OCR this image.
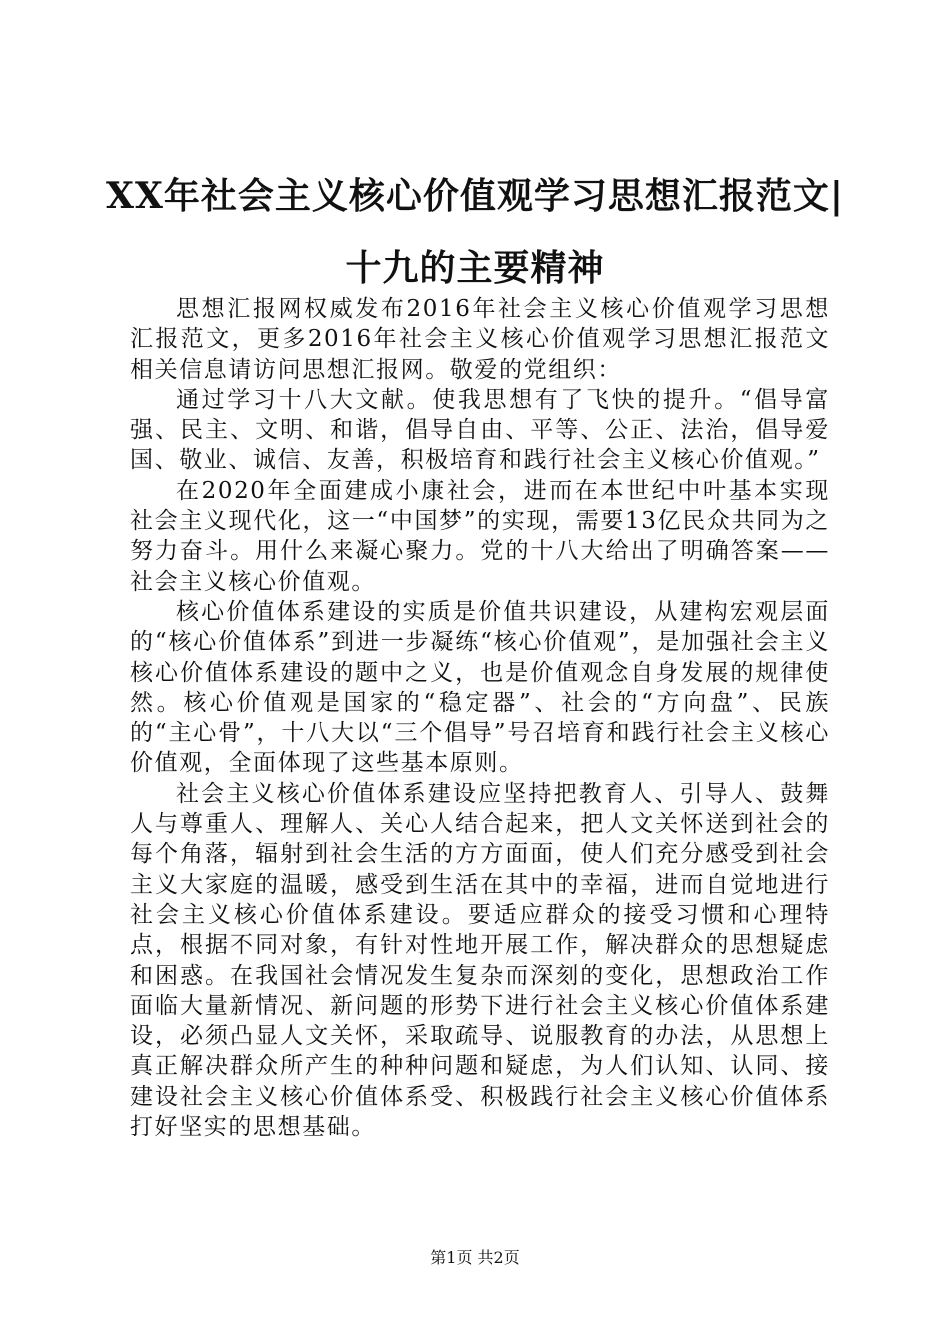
XX年社会主义核心价值观学习思想汇报范文|
十九的主要精神

思想汇报网权威发布2016年社会主义核心价值观学习思想汇报范文，更多2016年社会主义核心价值观学习思想汇报范文相关信息请访问思想汇报网。敬爱的党组织：

通过学习十八大文献。使我思想有了飞快的提升。“倡导富强、民主、文明、和谐，倡导自由、平等、公正、法治，倡导爱国、敬业、诚信、友善，积极培育和践行社会主义核心价值观。”

在2020年全面建成小康社会，进而在本世纪中叶基本实现社会主义现代化，这一“中国梦”的实现，需要13亿民众共同为之努力奋斗。用什么来凝心聚力。党的十八大给出了明确答案——社会主义核心价值观。

核心价值体系建设的实质是价值共识建设，从建构宏观层面的“核心价值体系”到进一步凝练“核心价值观”，是加强社会主义核心价值体系建设的题中之义，也是价值观念自身发展的规律使然。核心价值观是国家的“稳定器”、社会的“方向盘”、民族的“主心骨”，十八大以“三个倡导”号召培育和践行社会主义核心价值观，全面体现了这些基本原则。

社会主义核心价值体系建设应坚持把教育人、引导人、鼓舞人与尊重人、理解人、关心人结合起来，把人文关怀送到社会的每个角落，辐射到社会生活的方方面面，使人们充分感受到社会主义大家庭的温暖，感受到生活在其中的幸福，进而自觉地进行社会主义核心价值体系建设。要适应群众的接受习惯和心理特点，根据不同对象，有针对性地开展工作，解决群众的思想疑虑和困惑。在我国社会情况发生复杂而深刻的变化，思想政治工作面临大量新情况、新问题的形势下进行社会主义核心价值体系建设，必须凸显人文关怀，采取疏导、说服教育的办法，从思想上真正解决群众所产生的种种问题和疑虑，为人们认知、认同、接建设社会主义核心价值体系受、积极践行社会主义核心价值体系打好坚实的思想基础。

第1页 共2页
